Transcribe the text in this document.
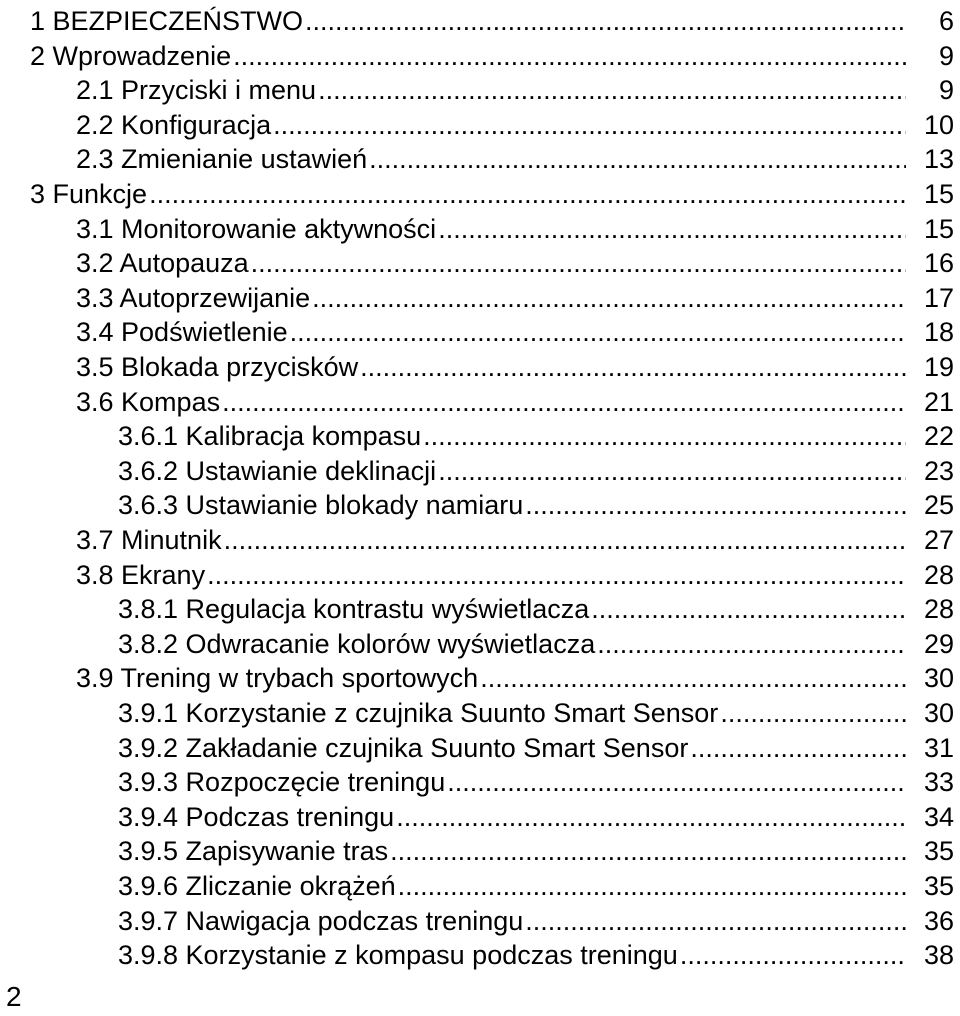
1 BEZPIECZEŃSTWO .....	6
2 Wprowadzenie .....	9
2.1 Przyciski i menu .....	9
2.2 Konfiguracja .....	10
2.3 Zmienianie ustawień .....	13
3 Funkcje .....	15
3.1 Monitorowanie aktywności .....	15
3.2 Autopauza .....	16
3.3 Autoprzewijanie .....	17
3.4 Podświetlenie .....	18
3.5 Blokada przycisków .....	19
3.6 Kompas .....	21
3.6.1 Kalibracja kompasu .....	22
3.6.2 Ustawianie deklinacji .....	23
3.6.3 Ustawianie blokady namiaru .....	25
3.7 Minutnik .....	27
3.8 Ekrany .....	28
3.8.1 Regulacja kontrastu wyświetlacza .....	28
3.8.2 Odwracanie kolorów wyświetlacza .....	29
3.9 Trening w trybach sportowych .....	30
3.9.1 Korzystanie z czujnika Suunto Smart Sensor .....	30
3.9.2 Zakładanie czujnika Suunto Smart Sensor .....	31
3.9.3 Rozpoczęcie treningu .....	33
3.9.4 Podczas treningu .....	34
3.9.5 Zapisywanie tras .....	35
3.9.6 Zliczanie okrążeń .....	35
3.9.7 Nawigacja podczas treningu .....	36
3.9.8 Korzystanie z kompasu podczas treningu .....	38
2
